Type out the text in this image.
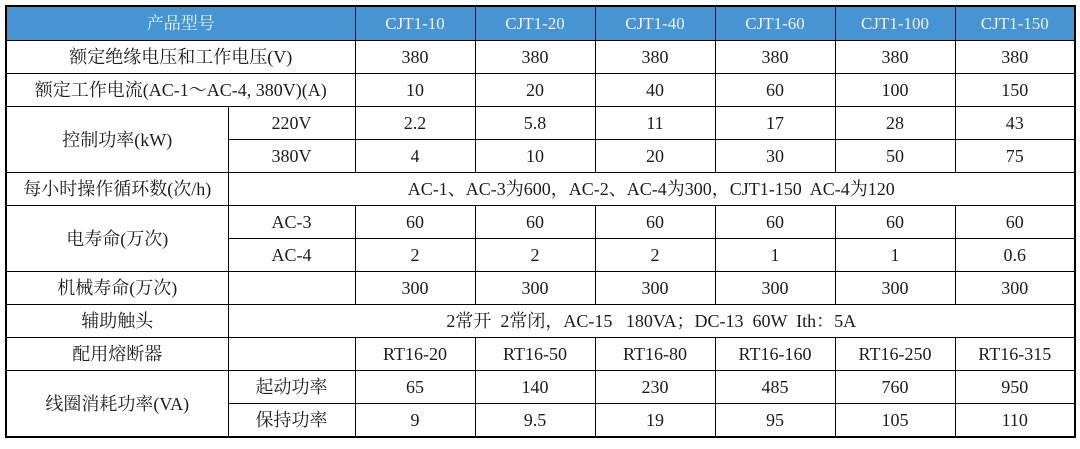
产品型号		CJT1-10	CJT1-20	CJT1-40	CJT1-60	CJT1-100	CJT1-150
额定绝缘电压和工作电压(V)		380	380	380	380	380	380
额定工作电流(AC-1～AC-4, 380V)(A)		10	20	40	60	100	150
控制功率(kW)	220V	2.2	5.8	11	17	28	43
	380V	4	10	20	30	50	75
每小时操作循环数(次/h)	AC-1、AC-3为600，AC-2、AC-4为300，CJT1-150  AC-4为120						
电寿命(万次)	AC-3	60	60	60	60	60	60
	AC-4	2	2	2	1	1	0.6
机械寿命(万次)		300	300	300	300	300	300
辅助触头	2常开  2常闭，AC-15   180VA；DC-13  60W  Ith：5A						
配用熔断器		RT16-20	RT16-50	RT16-80	RT16-160	RT16-250	RT16-315
线圈消耗功率(VA)	起动功率	65	140	230	485	760	950
	保持功率	9	9.5	19	95	105	110
